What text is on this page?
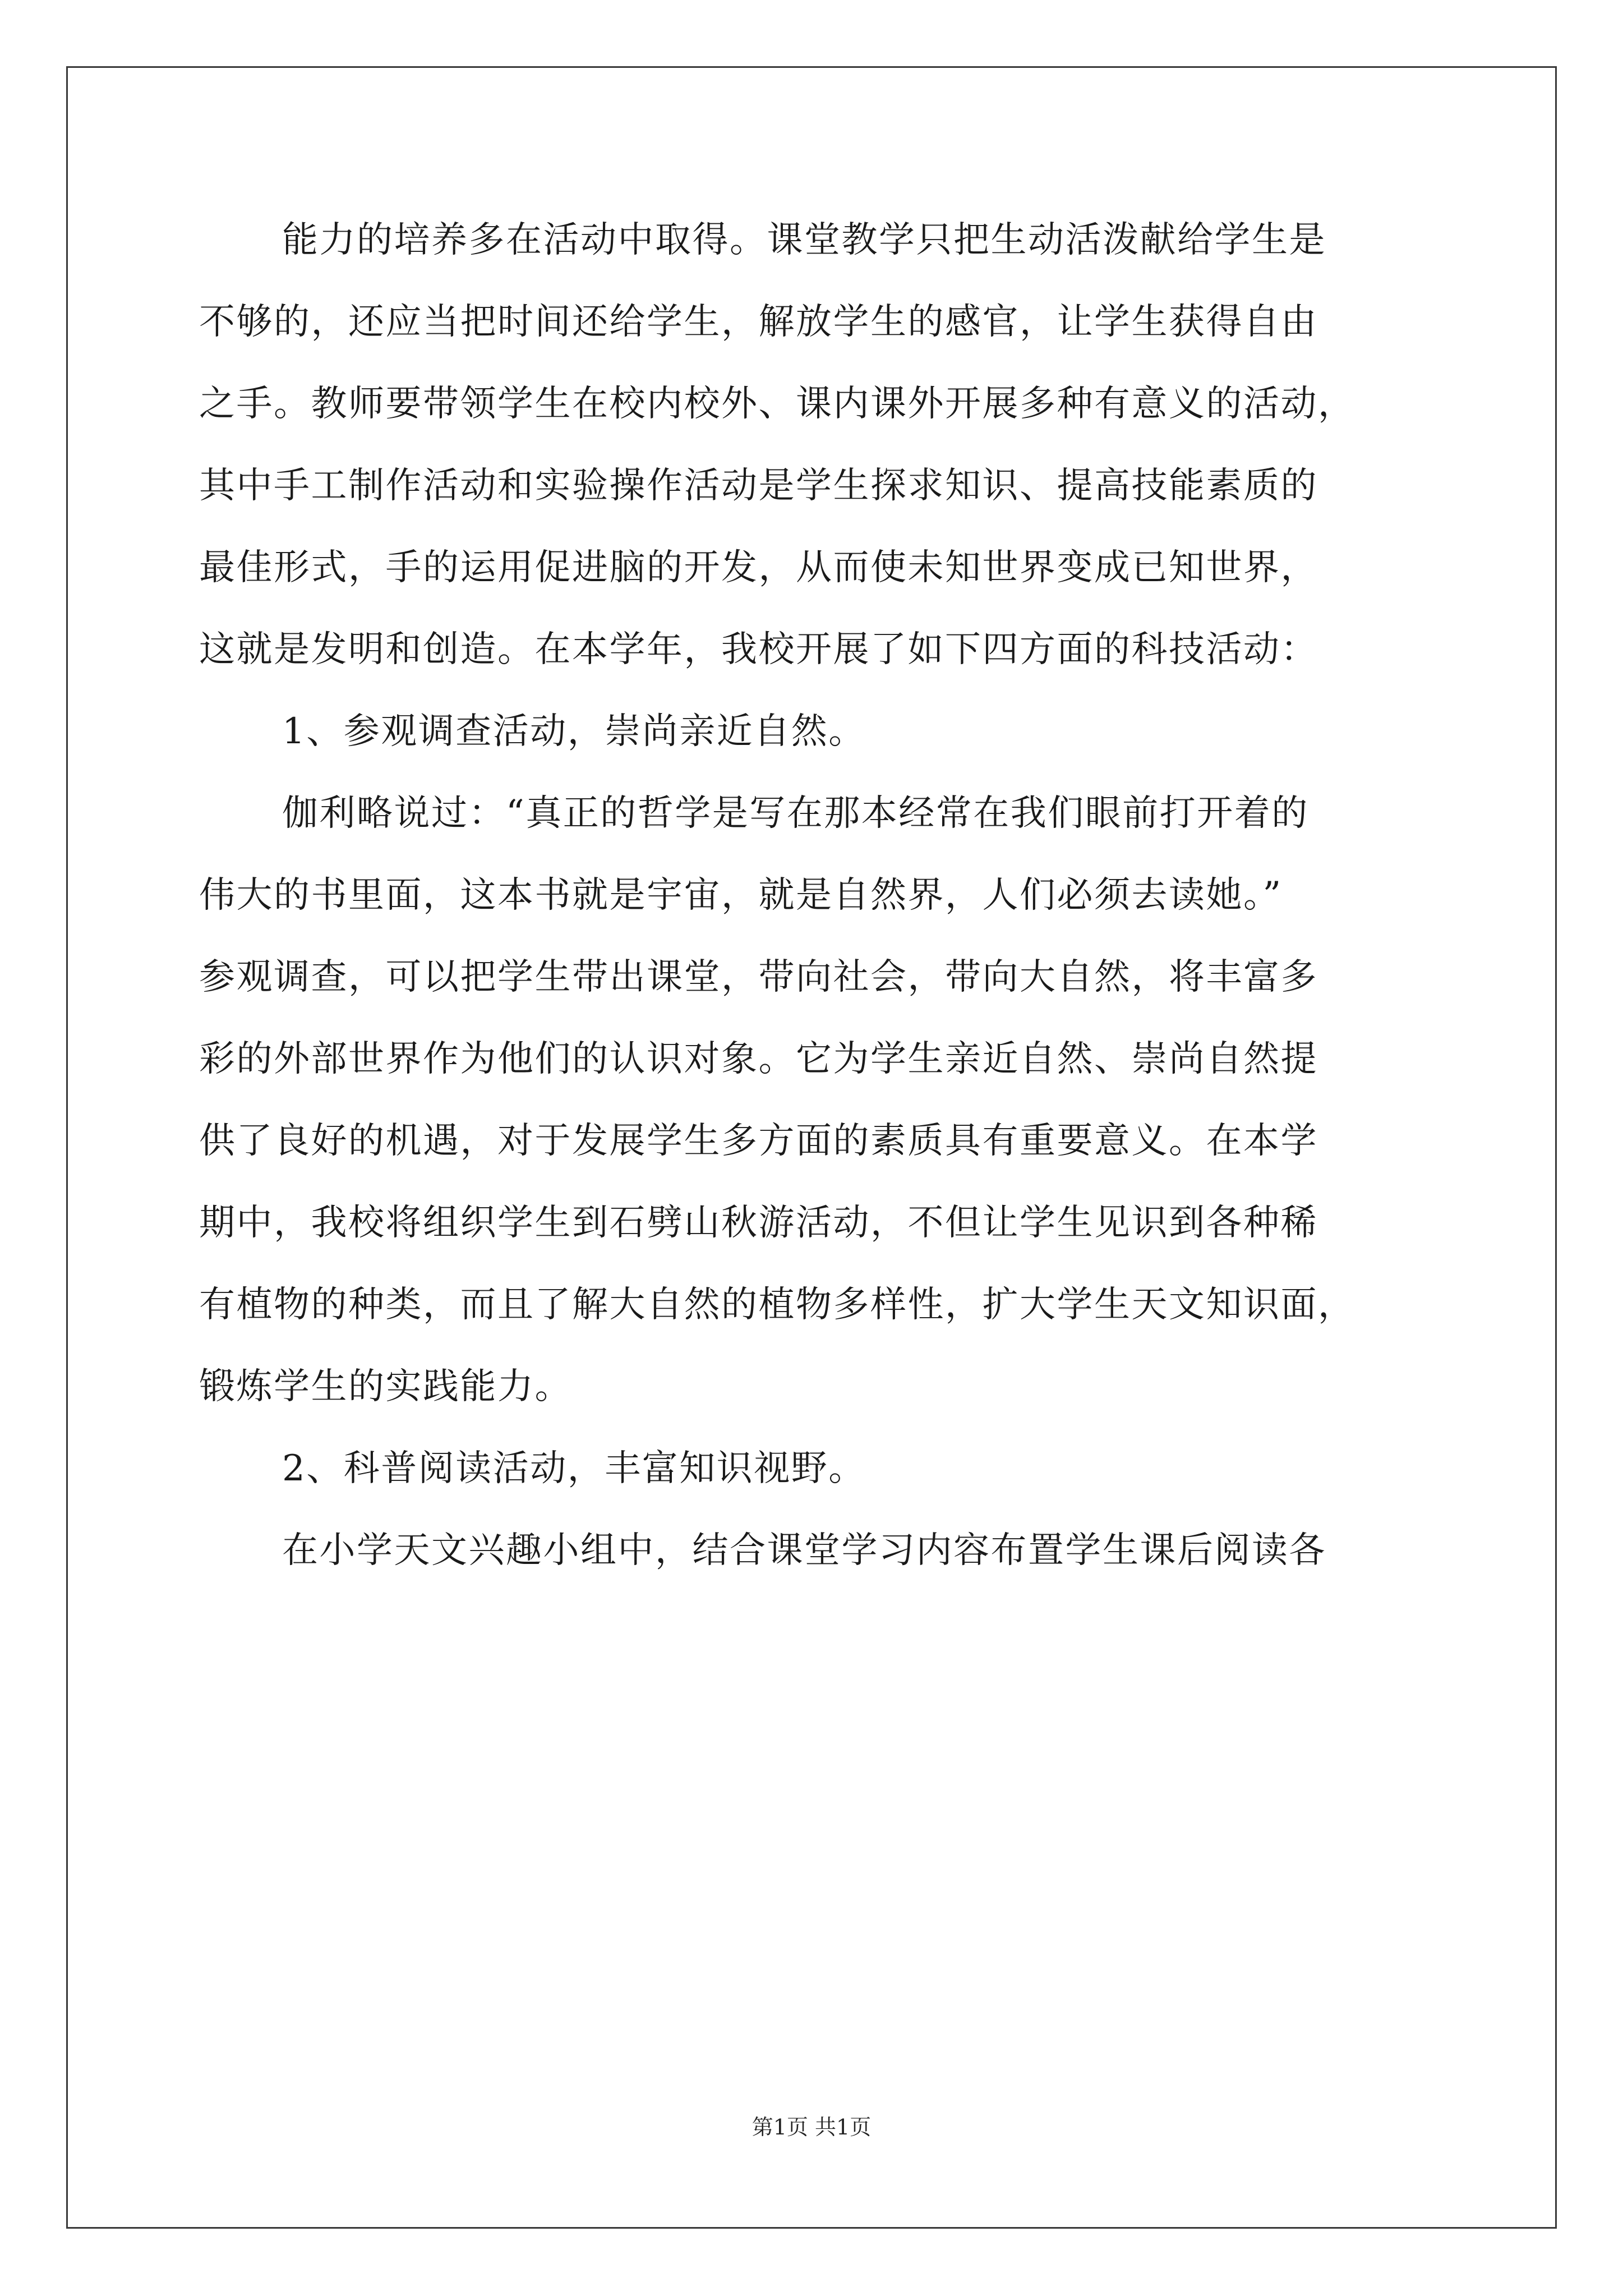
能力的培养多在活动中取得。课堂教学只把生动活泼献给学生是
不够的，还应当把时间还给学生，解放学生的感官，让学生获得自由
之手。教师要带领学生在校内校外、课内课外开展多种有意义的活动，
其中手工制作活动和实验操作活动是学生探求知识、提高技能素质的
最佳形式，手的运用促进脑的开发，从而使未知世界变成已知世界，
这就是发明和创造。在本学年，我校开展了如下四方面的科技活动：
1、参观调查活动，崇尚亲近自然。
伽利略说过：“真正的哲学是写在那本经常在我们眼前打开着的
伟大的书里面，这本书就是宇宙，就是自然界，人们必须去读她。”
参观调查，可以把学生带出课堂，带向社会，带向大自然，将丰富多
彩的外部世界作为他们的认识对象。它为学生亲近自然、崇尚自然提
供了良好的机遇，对于发展学生多方面的素质具有重要意义。在本学
期中，我校将组织学生到石劈山秋游活动，不但让学生见识到各种稀
有植物的种类，而且了解大自然的植物多样性，扩大学生天文知识面，
锻炼学生的实践能力。
2、科普阅读活动，丰富知识视野。
在小学天文兴趣小组中，结合课堂学习内容布置学生课后阅读各
第1页 共1页
